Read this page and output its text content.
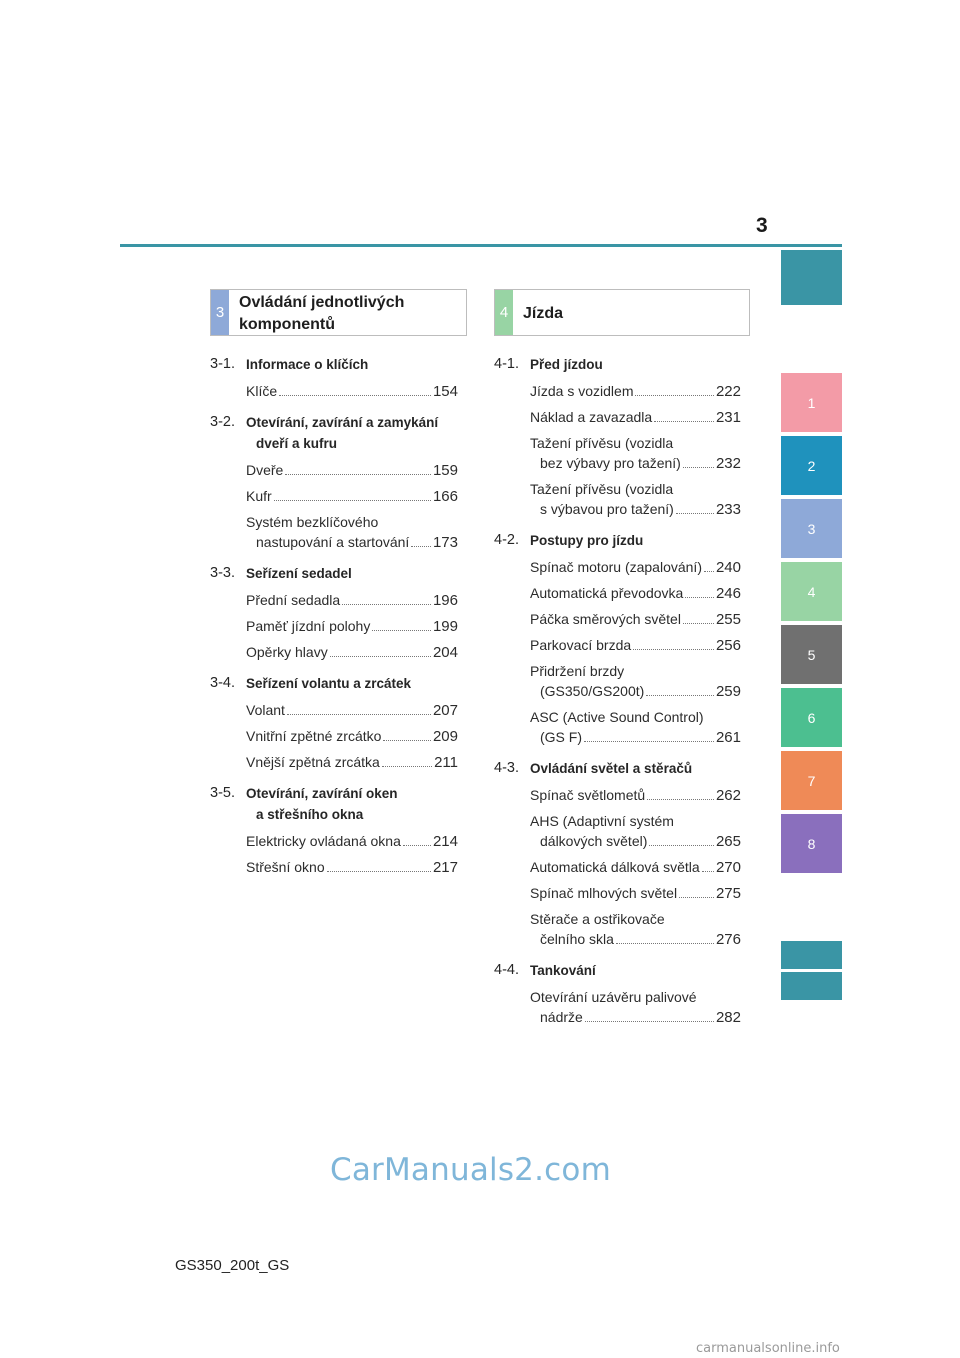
3
1
2
3
4
5
6
7
8
3
Ovládání jednotlivých
komponentů
4 Jízda
3-1. Informace o klíčích
Klíče	154
3-2. Otevírání, zavírání a zamykání
dveří a kufru
Dveře	159
Kufr	166
Systém bezklíčového
nastupování a startování 173
3-3. Seřízení sedadel
Přední sedadla	196
Paměť jízdní polohy	199
Opěrky hlavy	204
3-4. Seřízení volantu a zrcátek
Volant	207
Vnitřní zpětné zrcátko	209
Vnější zpětná zrcátka	211
3-5. Otevírání, zavírání oken
a střešního okna
Elektricky ovládaná okna 214
Střešní okno	217
4-1. Před jízdou
Jízda s vozidlem	222
Náklad a zavazadla	231
Tažení přívěsu (vozidla
bez výbavy pro tažení) 232
Tažení přívěsu (vozidla
s výbavou pro tažení)	233
4-2. Postupy pro jízdu
Spínač motoru (zapalování) 240
Automatická převodovka 246
Páčka směrových světel 255
Parkovací brzda	256
Přidržení brzdy
(GS350/GS200t)	259
ASC (Active Sound Control)
(GS F)	261
4-3. Ovládání světel a stěračů
Spínač světlometů	262
AHS (Adaptivní systém
dálkových světel)	265
Automatická dálková světla 270
Spínač mlhových světel	275
Stěrače a ostřikovače
čelního skla	276
4-4. Tankování
Otevírání uzávěru palivové
nádrže	282
CarManuals2.com
GS350_200t_GS
carmanualsonline.info
